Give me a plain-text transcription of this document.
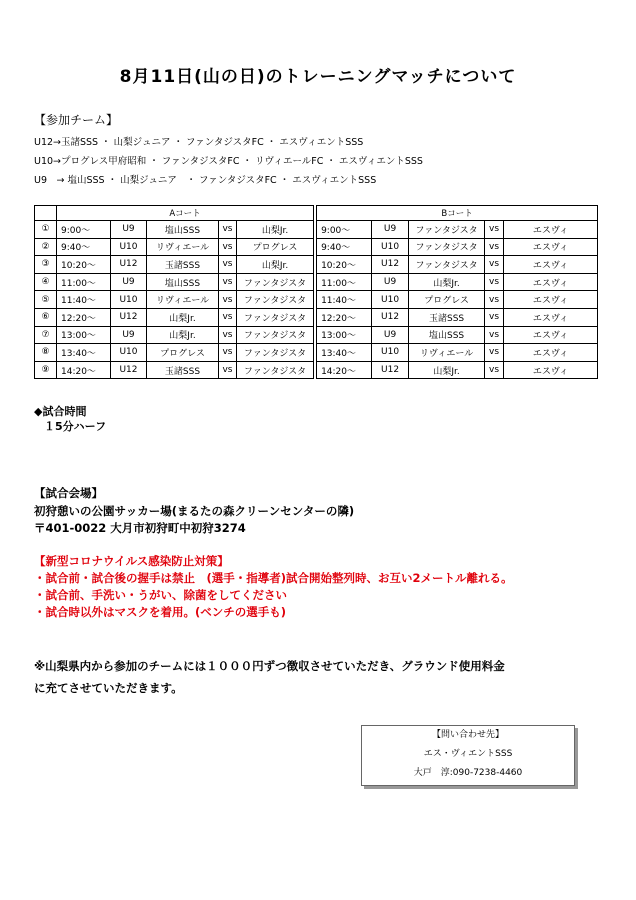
8月11日(山の日)のトレーニングマッチについて
【参加チーム】
U12→玉諸SSS ・ 山梨ジュニア ・ ファンタジスタFC ・ エスヴィエントSSS
U10→プログレス甲府昭和 ・ ファンタジスタFC ・ リヴィエールFC ・ エスヴィエントSSS
U9　→ 塩山SSS ・ 山梨ジュニア　・ ファンタジスタFC ・ エスヴィエントSSS
	Aコート						Bコート				
①	9:00～	U9	塩山SSS	vs	山梨Jr.		9:00～	U9	ファンタジスタ	vs	エスヴィ
②	9:40～	U10	リヴィエール	vs	プログレス		9:40～	U10	ファンタジスタ	vs	エスヴィ
③	10:20～	U12	玉諸SSS	vs	山梨Jr.		10:20～	U12	ファンタジスタ	vs	エスヴィ
④	11:00～	U9	塩山SSS	vs	ファンタジスタ		11:00～	U9	山梨Jr.	vs	エスヴィ
⑤	11:40～	U10	リヴィエール	vs	ファンタジスタ		11:40～	U10	プログレス	vs	エスヴィ
⑥	12:20～	U12	山梨Jr.	vs	ファンタジスタ		12:20～	U12	玉諸SSS	vs	エスヴィ
⑦	13:00～	U9	山梨Jr.	vs	ファンタジスタ		13:00～	U9	塩山SSS	vs	エスヴィ
⑧	13:40～	U10	プログレス	vs	ファンタジスタ		13:40～	U10	リヴィエール	vs	エスヴィ
⑨	14:20～	U12	玉諸SSS	vs	ファンタジスタ		14:20～	U12	山梨Jr.	vs	エスヴィ
◆試合時間
１5分ハーフ
【試合会場】
初狩憩いの公園サッカー場(まるたの森クリーンセンターの隣)
〒401-0022 大月市初狩町中初狩3274
【新型コロナウイルス感染防止対策】
・試合前・試合後の握手は禁止　(選手・指導者)試合開始整列時、お互い2メートル離れる。
・試合前、手洗い・うがい、除菌をしてください
・試合時以外はマスクを着用。(ベンチの選手も)
※山梨県内から参加のチームには１０００円ずつ徴収させていただき、グラウンド使用料金
に充てさせていただきます。
【問い合わせ先】
エス・ヴィエントSSS
大戸　淳:090-7238-4460
